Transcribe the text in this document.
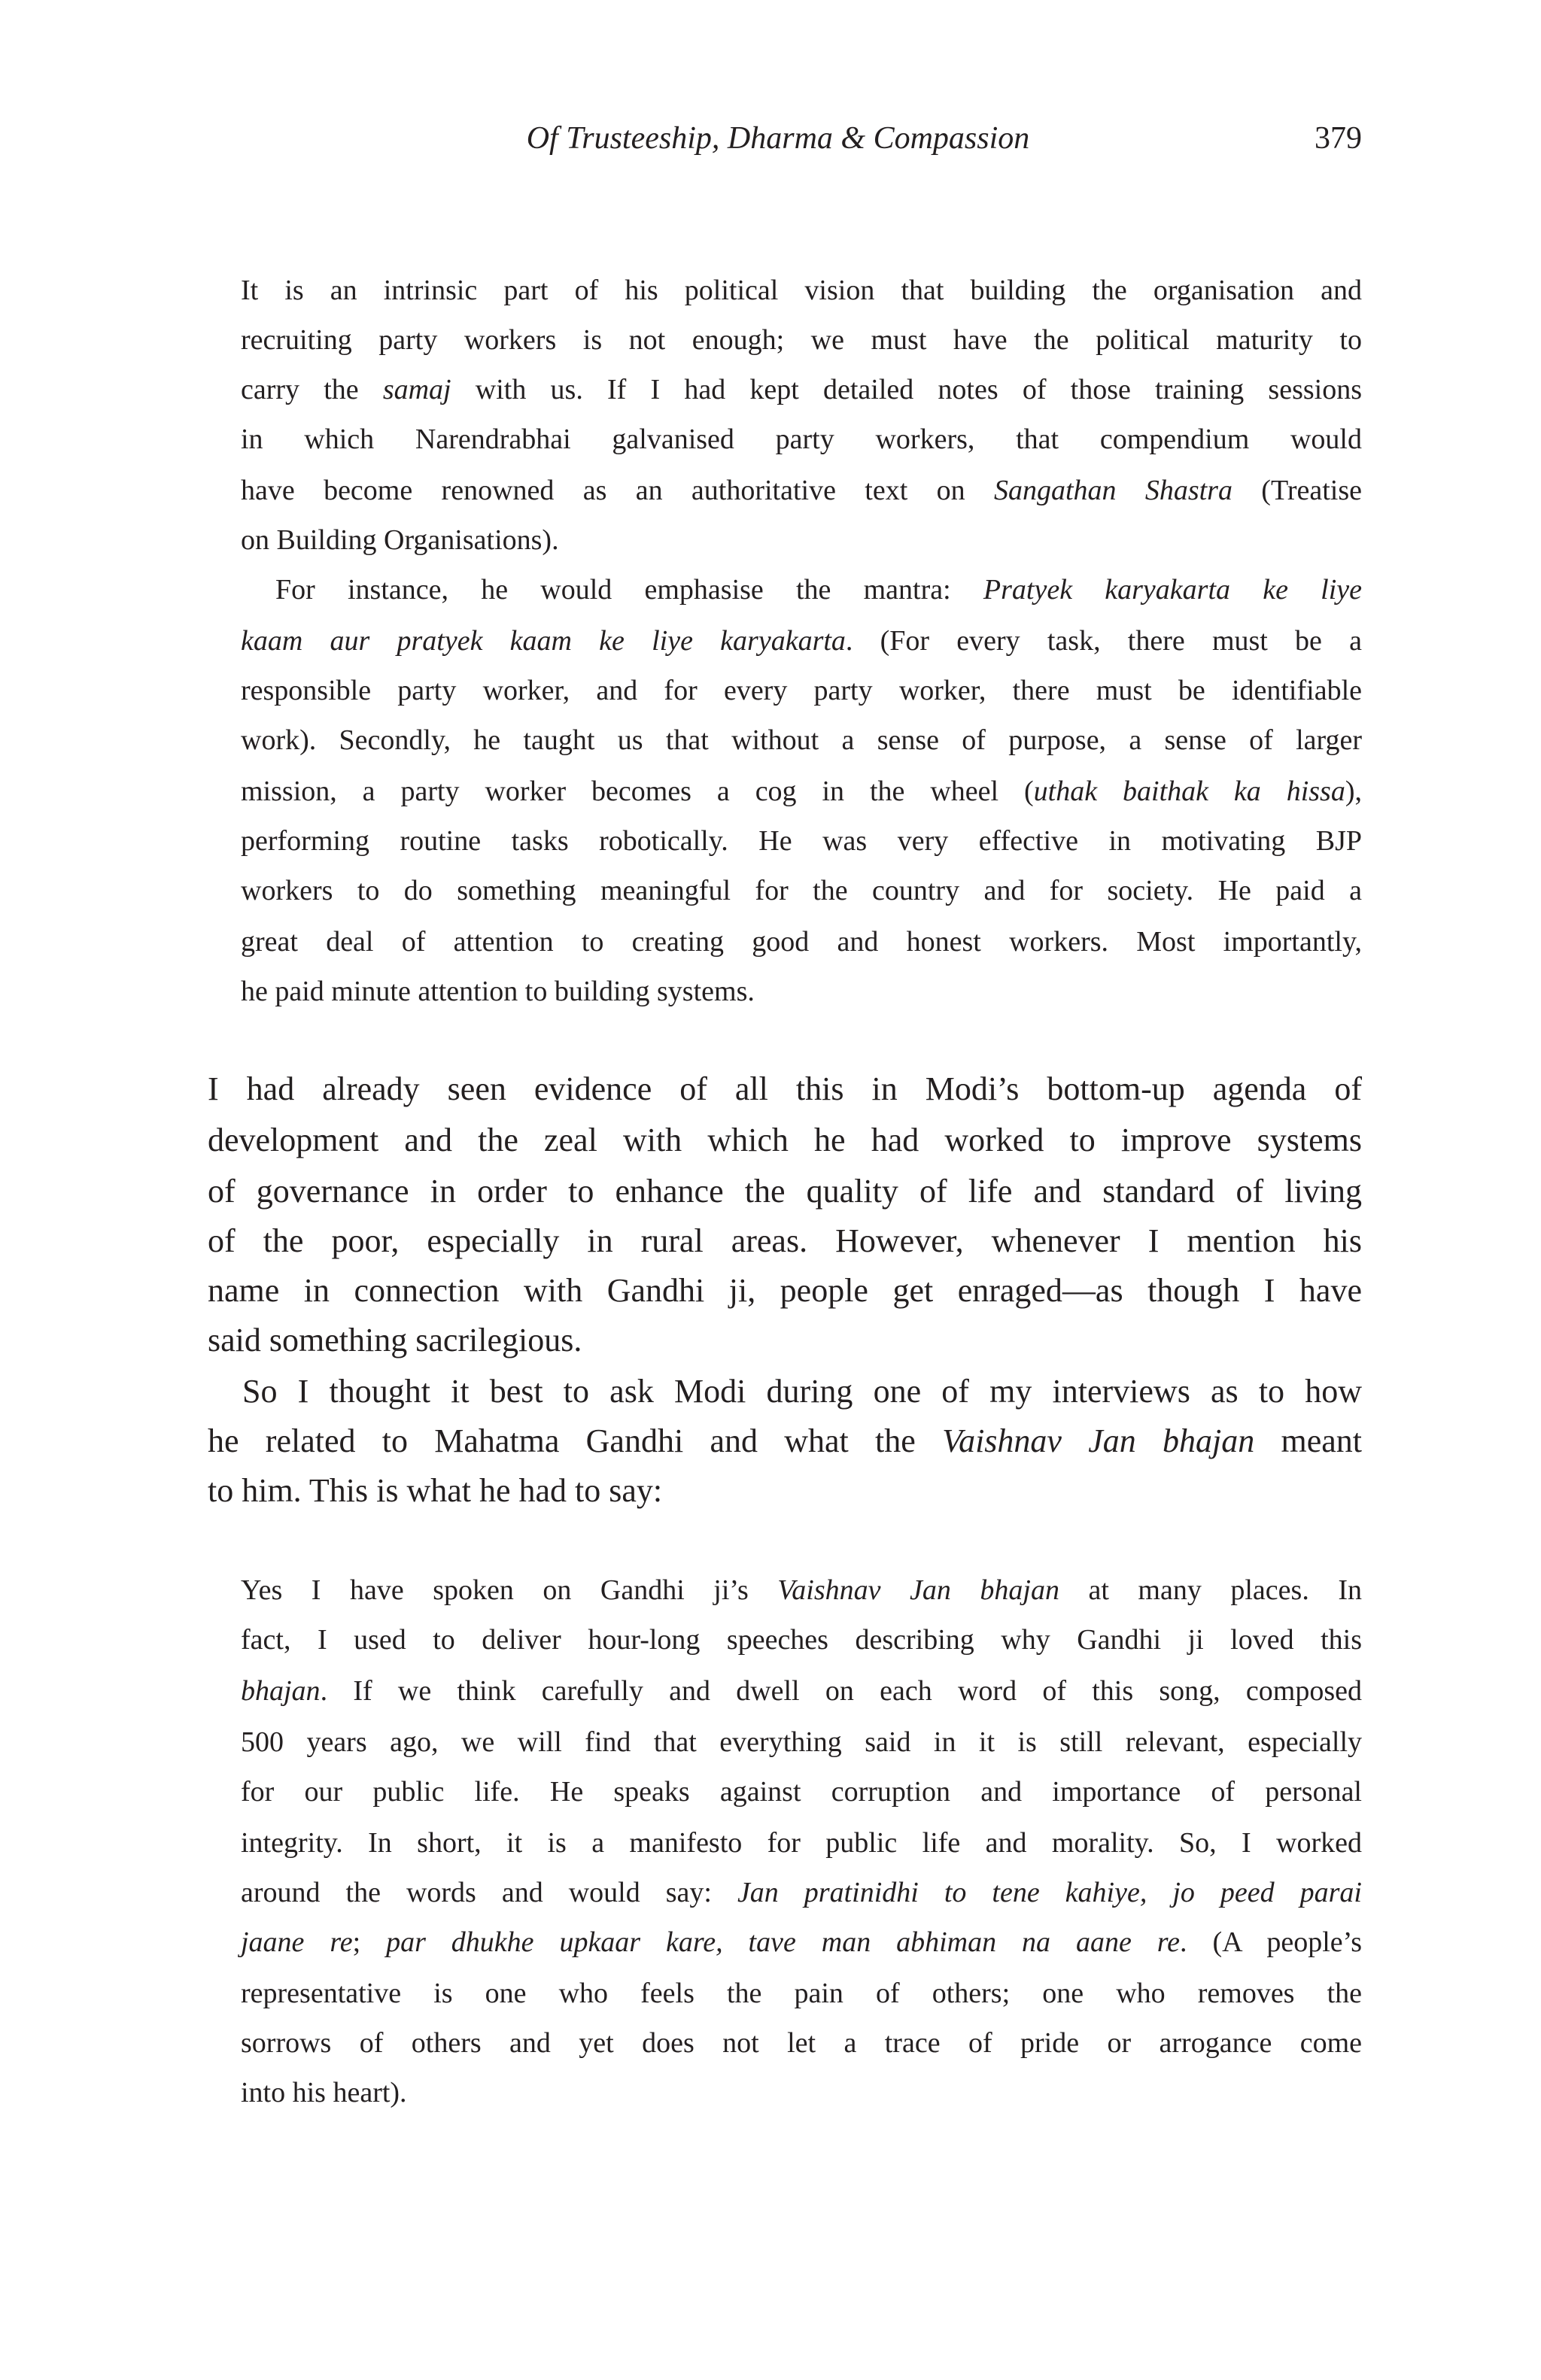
Of Trusteeship, Dharma & Compassion	379
It is an intrinsic part of his political vision that building the organisation and
recruiting party workers is not enough; we must have the political maturity to
carry the samaj with us. If I had kept detailed notes of those training sessions
in which Narendrabhai galvanised party workers, that compendium would
have become renowned as an authoritative text on Sangathan Shastra (Treatise
on Building Organisations).
For instance, he would emphasise the mantra: Pratyek karyakarta ke liye
kaam aur pratyek kaam ke liye karyakarta. (For every task, there must be a
responsible party worker, and for every party worker, there must be identifiable
work). Secondly, he taught us that without a sense of purpose, a sense of larger
mission, a party worker becomes a cog in the wheel (uthak baithak ka hissa),
performing routine tasks robotically. He was very effective in motivating BJP
workers to do something meaningful for the country and for society. He paid a
great deal of attention to creating good and honest workers. Most importantly,
he paid minute attention to building systems.
I had already seen evidence of all this in Modi’s bottom-up agenda of
development and the zeal with which he had worked to improve systems
of governance in order to enhance the quality of life and standard of living
of the poor, especially in rural areas. However, whenever I mention his
name in connection with Gandhi ji, people get enraged—as though I have
said something sacrilegious.
So I thought it best to ask Modi during one of my interviews as to how
he related to Mahatma Gandhi and what the Vaishnav Jan bhajan meant
to him. This is what he had to say:
Yes I have spoken on Gandhi ji’s Vaishnav Jan bhajan at many places. In
fact, I used to deliver hour-long speeches describing why Gandhi ji loved this
bhajan. If we think carefully and dwell on each word of this song, composed
500 years ago, we will find that everything said in it is still relevant, especially
for our public life. He speaks against corruption and importance of personal
integrity. In short, it is a manifesto for public life and morality. So, I worked
around the words and would say: Jan pratinidhi to tene kahiye, jo peed parai
jaane re; par dhukhe upkaar kare, tave man abhiman na aane re. (A people’s
representative is one who feels the pain of others; one who removes the
sorrows of others and yet does not let a trace of pride or arrogance come
into his heart).
